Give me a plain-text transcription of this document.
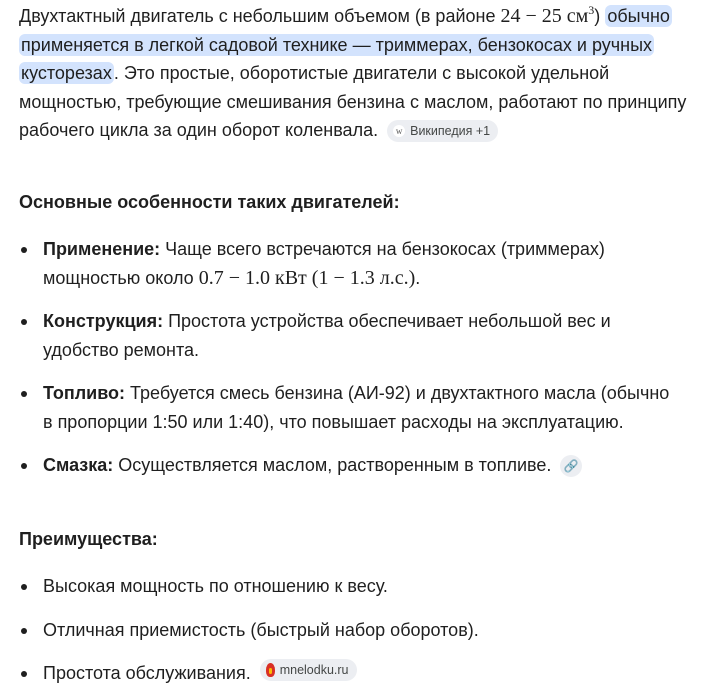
Двухтактный двигатель с небольшим объемом (в районе 24 − 25 $см^3$) обычно применяется в легкой садовой технике — триммерах, бензокосах и ручных кусторезах . Это простые, оборотистые двигатели с высокой удельной мощностью, требующие смешивания бензина с маслом, работают по принципу рабочего цикла за один оборот коленвала.	w Википедия +1

Основные особенности таких двигателей:
Применение: Чаще всего встречаются на бензокосах (триммерах) мощностью около 0.7 − 1.0 кВт (1 − 1.3 л.с.).
Конструкция: Простота устройства обеспечивает небольшой вес и удобство ремонта.
Топливо: Требуется смесь бензина (АИ-92) и двухтактного масла (обычно в пропорции 1:50 или 1:40), что повышает расходы на эксплуатацию.
Смазка: Осуществляется маслом, растворенным в топливе. 🔗
Преимущества:
Высокая мощность по отношению к весу.
Отличная приемистость (быстрый набор оборотов).
Простота обслуживания. mnelodku.ru
